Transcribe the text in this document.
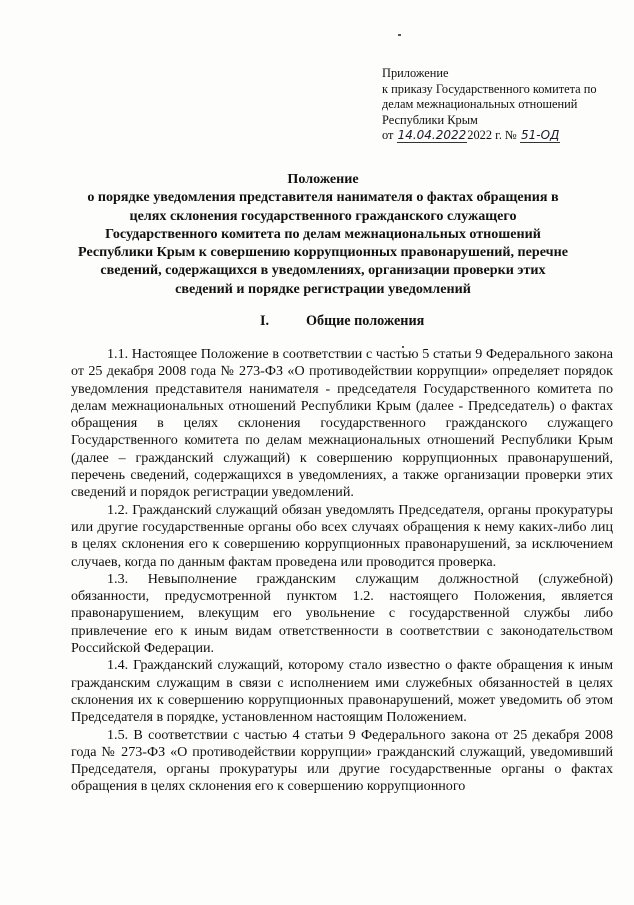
Приложение
к приказу Государственного комитета по
делам межнациональных отношений
Республики Крым
от 14.04.20222022 г. № 51-ОД
Положение
о порядке уведомления представителя нанимателя о фактах обращения в
целях склонения государственного гражданского служащего
Государственного комитета по делам межнациональных отношений
Республики Крым к совершению коррупционных правонарушений, перечне
сведений, содержащихся в уведомлениях, организации проверки этих
сведений и порядке регистрации уведомлений
I.	Общие положения

1.1. Настоящее Положение в соответствии с частью 5 статьи 9 Федерального закона от 25 декабря 2008 года № 273-ФЗ «О противодействии коррупции» определяет порядок уведомления представителя нанимателя - председателя Государственного комитета по делам межнациональных отношений Республики Крым (далее - Председатель) о фактах обращения в целях склонения государственного гражданского служащего Государственного комитета по делам межнациональных отношений Республики Крым (далее – гражданский служащий) к совершению коррупционных правонарушений, перечень сведений, содержащихся в уведомлениях, а также организации проверки этих сведений и порядок регистрации уведомлений.

1.2. Гражданский служащий обязан уведомлять Председателя, органы прокуратуры или другие государственные органы обо всех случаях обращения к нему каких-либо лиц в целях склонения его к совершению коррупционных правонарушений, за исключением случаев, когда по данным фактам проведена или проводится проверка.

1.3. Невыполнение гражданским служащим должностной (служебной) обязанности, предусмотренной пунктом 1.2. настоящего Положения, является правонарушением, влекущим его увольнение с государственной службы либо привлечение его к иным видам ответственности в соответствии с законодательством Российской Федерации.

1.4. Гражданский служащий, которому стало известно о факте обращения к иным гражданским служащим в связи с исполнением ими служебных обязанностей в целях склонения их к совершению коррупционных правонарушений, может уведомить об этом Председателя в порядке, установленном настоящим Положением.

1.5. В соответствии с частью 4 статьи 9 Федерального закона от 25 декабря 2008 года № 273-ФЗ «О противодействии коррупции» гражданский служащий, уведомивший Председателя, органы прокуратуры или другие государственные органы о фактах обращения в целях склонения его к совершению коррупционного
